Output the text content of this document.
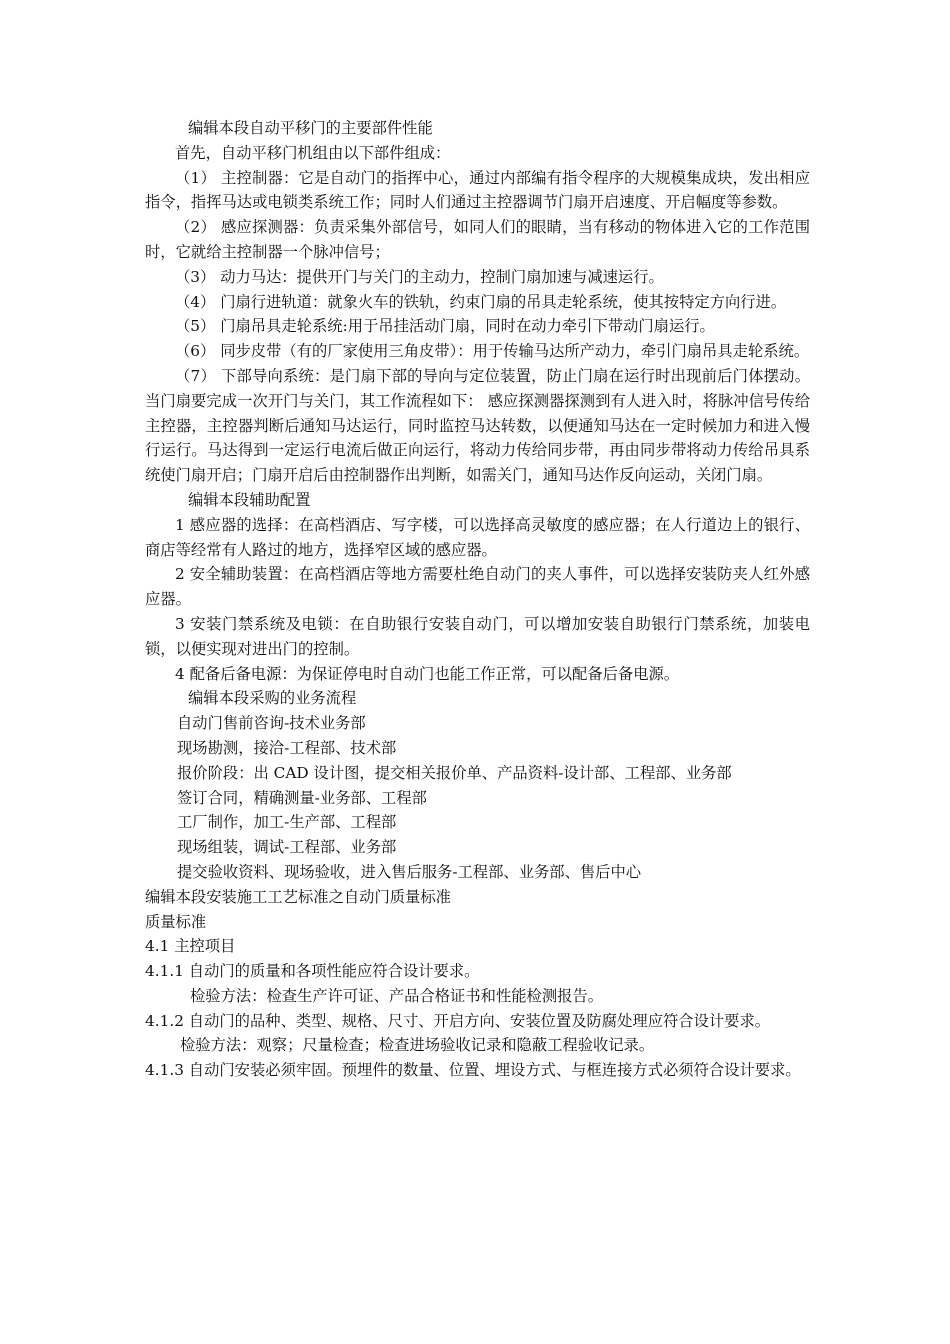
编辑本段自动平移门的主要部件性能

首先，自动平移门机组由以下部件组成：

（1） 主控制器：它是自动门的指挥中心，通过内部编有指令程序的大规模集成块，发出相应指令，指挥马达或电锁类系统工作；同时人们通过主控器调节门扇开启速度、开启幅度等参数。

（2） 感应探测器：负责采集外部信号，如同人们的眼睛，当有移动的物体进入它的工作范围时，它就给主控制器一个脉冲信号；

（3） 动力马达：提供开门与关门的主动力，控制门扇加速与减速运行。

（4） 门扇行进轨道：就象火车的铁轨，约束门扇的吊具走轮系统，使其按特定方向行进。

（5） 门扇吊具走轮系统:用于吊挂活动门扇，同时在动力牵引下带动门扇运行。

（6） 同步皮带（有的厂家使用三角皮带）：用于传输马达所产动力，牵引门扇吊具走轮系统。

（7） 下部导向系统：是门扇下部的导向与定位装置，防止门扇在运行时出现前后门体摆动。 当门扇要完成一次开门与关门，其工作流程如下： 感应探测器探测到有人进入时，将脉冲信号传给主控器，主控器判断后通知马达运行，同时监控马达转数，以便通知马达在一定时候加力和进入慢行运行。马达得到一定运行电流后做正向运行，将动力传给同步带，再由同步带将动力传给吊具系统使门扇开启；门扇开启后由控制器作出判断，如需关门，通知马达作反向运动，关闭门扇。

编辑本段辅助配置

1 感应器的选择：在高档酒店、写字楼，可以选择高灵敏度的感应器；在人行道边上的银行、商店等经常有人路过的地方，选择窄区域的感应器。

2 安全辅助装置：在高档酒店等地方需要杜绝自动门的夹人事件，可以选择安装防夹人红外感应器。

3 安装门禁系统及电锁：在自助银行安装自动门，可以增加安装自助银行门禁系统，加装电锁，以便实现对进出门的控制。

4 配备后备电源：为保证停电时自动门也能工作正常，可以配备后备电源。

编辑本段采购的业务流程

自动门售前咨询-技术业务部

现场勘测，接洽-工程部、技术部

报价阶段：出 CAD 设计图，提交相关报价单、产品资料-设计部、工程部、业务部

签订合同，精确测量-业务部、工程部

工厂制作，加工-生产部、工程部

现场组装，调试-工程部、业务部

提交验收资料、现场验收，进入售后服务-工程部、业务部、售后中心

编辑本段安装施工工艺标准之自动门质量标准

质量标准

4.1 主控项目

4.1.1 自动门的质量和各项性能应符合设计要求。

检验方法：检查生产许可证、产品合格证书和性能检测报告。

4.1.2 自动门的品种、类型、规格、尺寸、开启方向、安装位置及防腐处理应符合设计要求。

检验方法：观察；尺量检查；检查进场验收记录和隐蔽工程验收记录。

4.1.3 自动门安装必须牢固。预埋件的数量、位置、埋设方式、与框连接方式必须符合设计要求。
